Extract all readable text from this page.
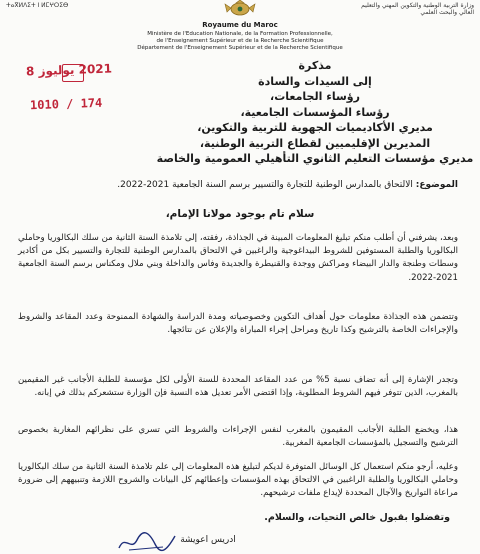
ⵜⴰⴳⵍⴷⵉⵜ ⵏ ⵍⵎⵖⵔⵉⴱ	وزارة التربية الوطنية والتكوين المهني والتعليم العالي والبحث العلمي
Royaume du Maroc
Ministère de l'Education Nationale, de la Formation Professionnelle,
de l'Enseignement Supérieur et de la Recherche Scientifique
Département de l'Enseignement Supérieur et de la Recherche Scientifique
2021 يوليوز 8
1010 / 174
مذكرة
إلى السيدات والسادة
رؤساء الجامعات،
رؤساء المؤسسات الجامعية،
مديري الأكاديميات الجهوية للتربية والتكوين،
المديرين الإقليميين لقطاع التربية الوطنية،
مديري مؤسسات التعليم الثانوي التأهيلي العمومية والخاصة
الموضوع: الالتحاق بالمدارس الوطنية للتجارة والتسيير برسم السنة الجامعية 2021-2022.
سلام تام بوجود مولانا الإمام،
وبعد، يشرفني أن أطلب منكم تبليغ المعلومات المبينة في الجذاذة، رفقته، إلى تلامذة السنة الثانية من سلك البكالوريا وحاملي البكالوريا والطلبة المستوفين للشروط البيداغوجية والراغبين في الالتحاق بالمدارس الوطنية للتجارة والتسيير بكل من أكادير وسطات وطنجة والدار البيضاء ومراكش ووجدة والقنيطرة والجديدة وفاس والداخلة وبني ملال ومكناس برسم السنة الجامعية 2021-2022.
وتتضمن هذه الجذاذة معلومات حول أهداف التكوين وخصوصياته ومدة الدراسة والشهادة الممنوحة وعدد المقاعد والشروط والإجراءات الخاصة بالترشيح وكذا تاريخ ومراحل إجراء المباراة والإعلان عن نتائجها.
وتجدر الإشارة إلى أنه تضاف نسبة 5% من عدد المقاعد المحددة للسنة الأولى لكل مؤسسة للطلبة الأجانب غير المقيمين بالمغرب، الذين تتوفر فيهم الشروط المطلوبة، وإذا اقتضى الأمر تعديل هذه النسبة فإن الوزارة ستشعركم بذلك في إبانه.
هذا، ويخضع الطلبة الأجانب المقيمون بالمغرب لنفس الإجراءات والشروط التي تسري على نظرائهم المغاربة بخصوص الترشيح والتسجيل بالمؤسسات الجامعية المغربية.
وعليه، أرجو منكم استعمال كل الوسائل المتوفرة لديكم لتبليغ هذه المعلومات إلى علم تلامذة السنة الثانية من سلك البكالوريا وحاملي البكالوريا والطلبة الراغبين في الالتحاق بهذه المؤسسات وإعطائهم كل البيانات والشروح اللازمة وتنبيههم إلى ضرورة مراعاة التواريخ والآجال المحددة لإيداع ملفات ترشيحهم.
وتفضلوا بقبول خالص التحيات، والسلام.
ادريس اعويشة
